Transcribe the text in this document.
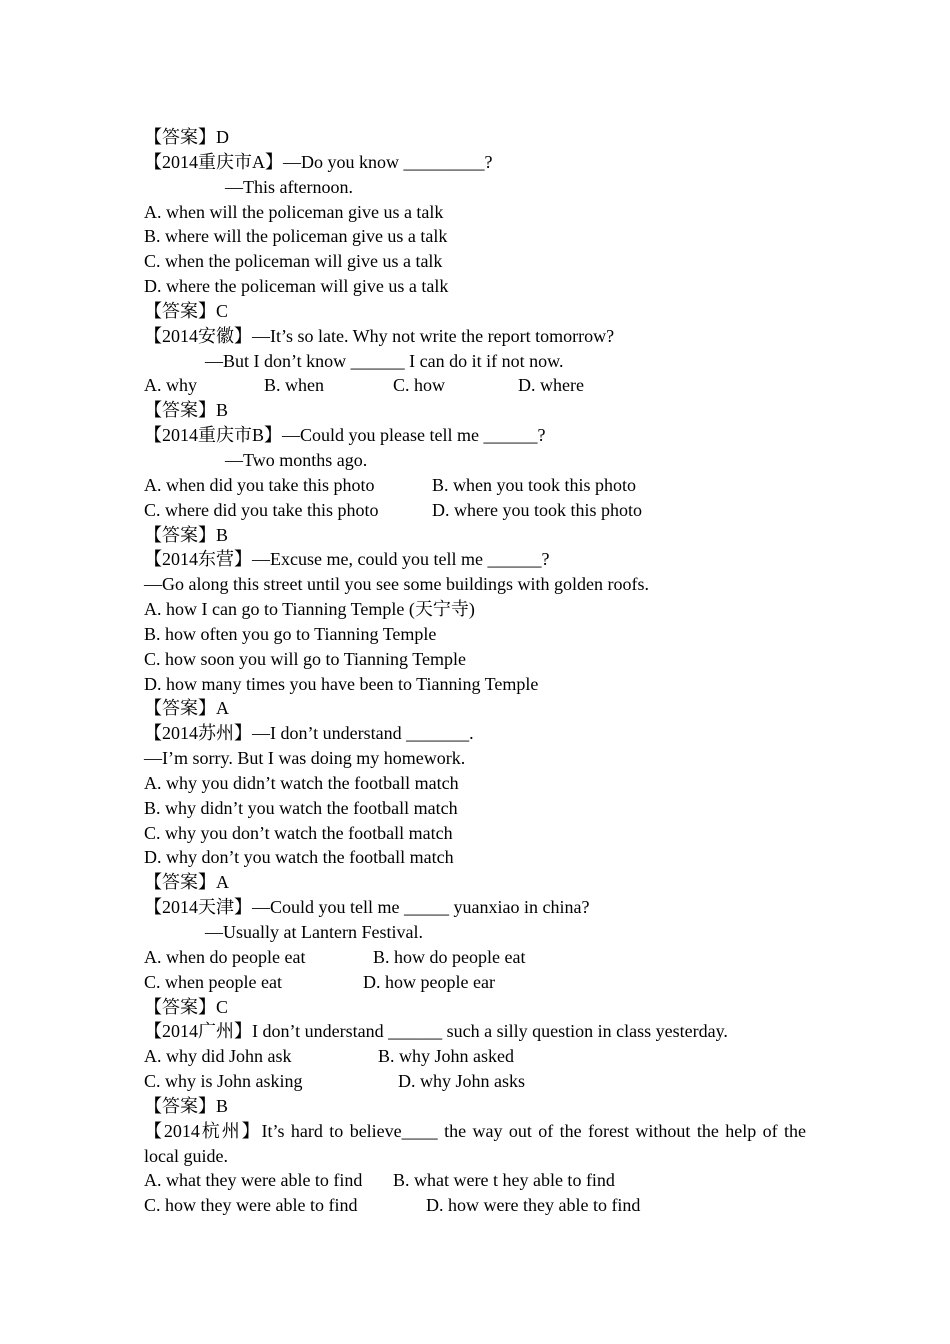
【答案】D
【2014重庆市A】—Do you know _________?
—This afternoon.
A. when will the policeman give us a talk
B. where will the policeman give us a talk
C. when the policeman will give us a talk
D. where the policeman will give us a talk
【答案】C
【2014安徽】—It’s so late. Why not write the report tomorrow?
—But I don’t know ______ I can do it if not now.

A. why

	B. when

	C. how

	D. where

【答案】B
【2014重庆市B】—Could you please tell me ______?
—Two months ago.

A. when did you take this photo

	B. when you took this photo

C. where did you take this photo

	D. where you took this photo

【答案】B
【2014东营】—Excuse me, could you tell me ______?
—Go along this street until you see some buildings with golden roofs.
A. how I can go to Tianning Temple (天宁寺)
B. how often you go to Tianning Temple
C. how soon you will go to Tianning Temple
D. how many times you have been to Tianning Temple
【答案】A
【2014苏州】—I don’t understand _______.
—I’m sorry. But I was doing my homework.
A. why you didn’t watch the football match
B. why didn’t you watch the football match
C. why you don’t watch the football match
D. why don’t you watch the football match
【答案】A
【2014天津】—Could you tell me _____ yuanxiao in china?
—Usually at Lantern Festival.

A. when do people eat

	B. how do people eat

C. when people eat

	D. how people ear

【答案】C
【2014广州】I don’t understand ______ such a silly question in class yesterday.

A. why did John ask

	B. why John asked

C. why is John asking

	D. why John asks

【答案】B
【2014杭州】It’s hard to believe____ the way out of the forest without the help of the local guide.

A. what they were able to find

B. what were t hey able to find

C. how they were able to find

	D. how were they able to find
